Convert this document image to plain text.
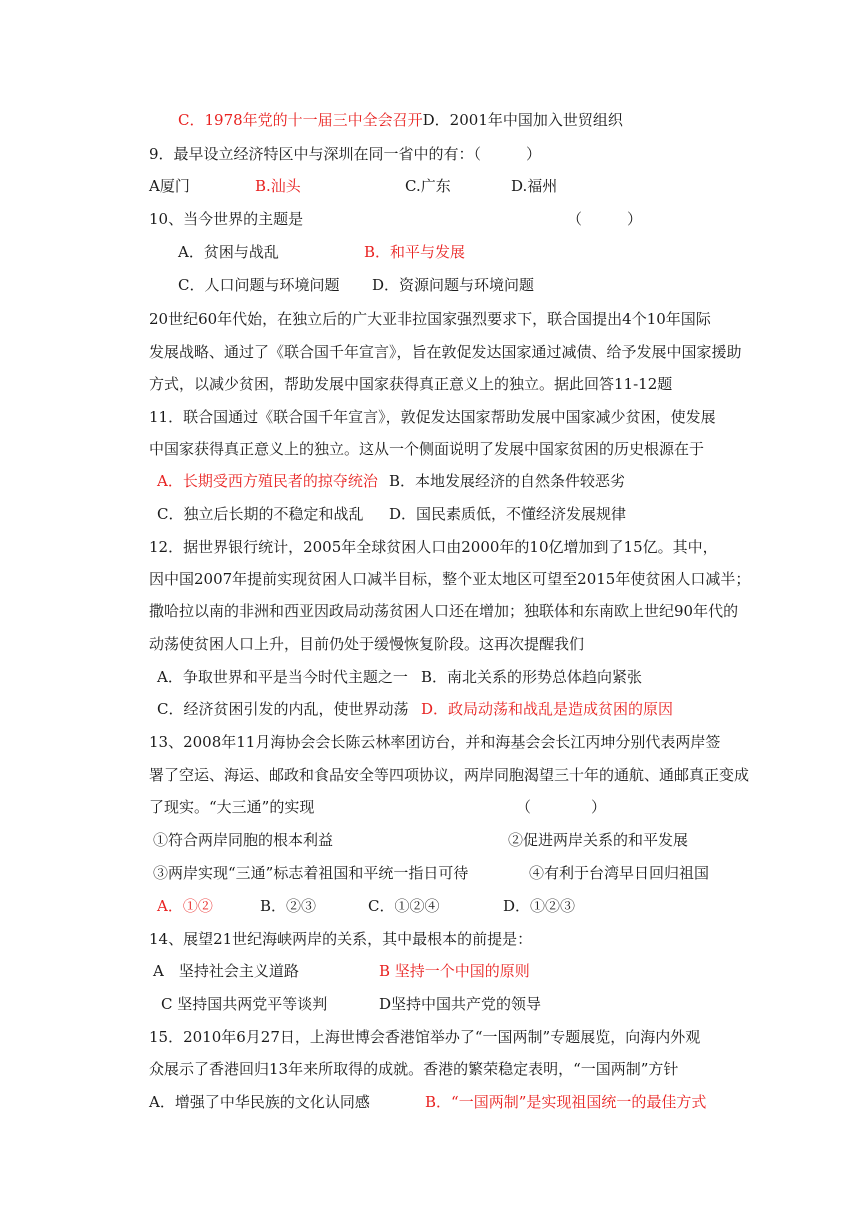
C．1978年党的十一届三中全会召开D．2001年中国加入世贸组织
9．最早设立经济特区中与深圳在同一省中的有：（　　　）
A厦门	B.汕头	C.广东	D.福州
10、当今世界的主题是	（　　　）
A．贫困与战乱	B．和平与发展
C．人口问题与环境问题 D．资源问题与环境问题
20世纪60年代始，在独立后的广大亚非拉国家强烈要求下，联合国提出4个10年国际
发展战略、通过了《联合国千年宣言》，旨在敦促发达国家通过减债、给予发展中国家援助
方式，以减少贫困，帮助发展中国家获得真正意义上的独立。据此回答11-12题
11．联合国通过《联合国千年宣言》，敦促发达国家帮助发展中国家减少贫困，使发展
中国家获得真正意义上的独立。这从一个侧面说明了发展中国家贫困的历史根源在于
A．长期受西方殖民者的掠夺统治 B．本地发展经济的自然条件较恶劣
C．独立后长期的不稳定和战乱 D．国民素质低，不懂经济发展规律
12．据世界银行统计，2005年全球贫困人口由2000年的10亿增加到了15亿。其中，
因中国2007年提前实现贫困人口减半目标，整个亚太地区可望至2015年使贫困人口减半；
撒哈拉以南的非洲和西亚因政局动荡贫困人口还在增加；独联体和东南欧上世纪90年代的
动荡使贫困人口上升，目前仍处于缓慢恢复阶段。这再次提醒我们
A．争取世界和平是当今时代主题之一 B．南北关系的形势总体趋向紧张
C．经济贫困引发的内乱，使世界动荡 D．政局动荡和战乱是造成贫困的原因
13、2008年11月海协会会长陈云林率团访台，并和海基会会长江丙坤分别代表两岸签
署了空运、海运、邮政和食品安全等四项协议，两岸同胞渴望三十年的通航、通邮真正变成
了现实。“大三通”的实现	（　　　　）
①符合两岸同胞的根本利益	②促进两岸关系的和平发展
③两岸实现“三通”标志着祖国和平统一指日可待	④有利于台湾早日回归祖国
A．①②	B．②③	C．①②④	D．①②③
14、展望21世纪海峡两岸的关系，其中最根本的前提是：
A　坚持社会主义道路	B 坚持一个中国的原则
C 坚持国共两党平等谈判	D坚持中国共产党的领导
15．2010年6月27日，上海世博会香港馆举办了“一国两制”专题展览，向海内外观
众展示了香港回归13年来所取得的成就。香港的繁荣稳定表明，“一国两制”方针
A．增强了中华民族的文化认同感	B．“一国两制”是实现祖国统一的最佳方式
